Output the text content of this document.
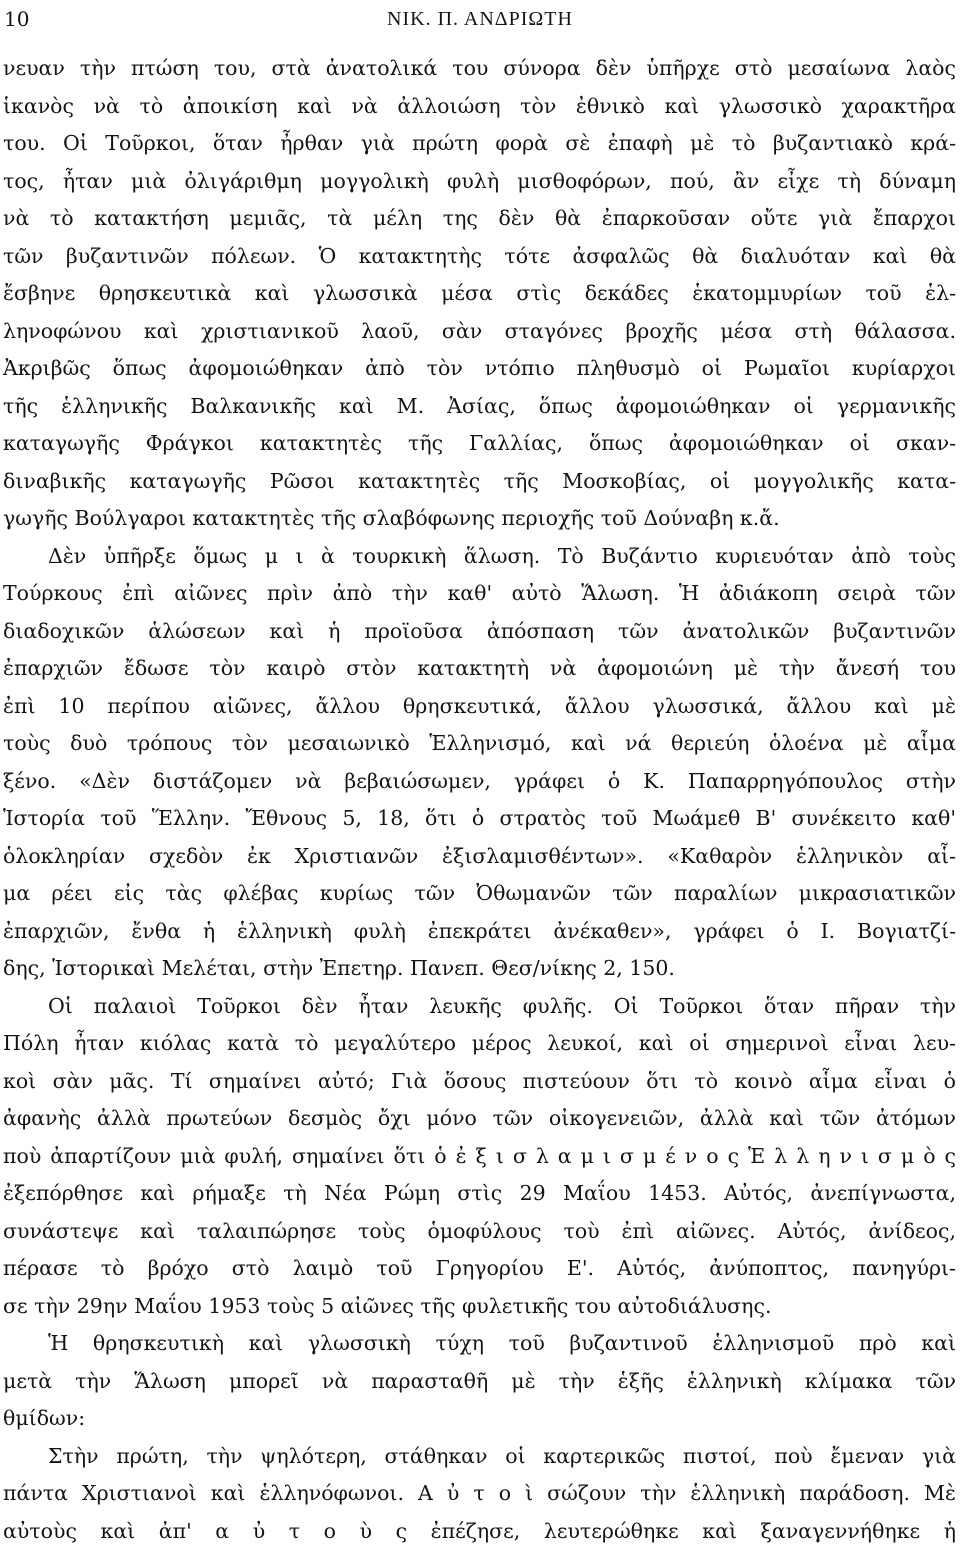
10	ΝΙΚ. Π. ΑΝΔΡΙΩΤΗ
νευαν τὴν πτώση του, στὰ ἀνατολικά του σύνορα δὲν ὑπῆρχε στὸ μεσαίωνα λαὸς
ἱκανὸς νὰ τὸ ἀποικίση καὶ νὰ ἀλλοιώση τὸν ἐθνικὸ καὶ γλωσσικὸ χαρακτῆρα
του. Οἱ Τοῦρκοι, ὅταν ἦρθαν γιὰ πρώτη φορὰ σὲ ἐπαφὴ μὲ τὸ βυζαντιακὸ κρά-
τος, ἦταν μιὰ ὀλιγάριθμη μογγολικὴ φυλὴ μισθοφόρων, πού, ἂν εἶχε τὴ δύναμη
νὰ τὸ κατακτήση μεμιᾶς, τὰ μέλη της δὲν θὰ ἐπαρκοῦσαν οὔτε γιὰ ἔπαρχοι
τῶν βυζαντινῶν πόλεων. Ὁ κατακτητὴς τότε ἀσφαλῶς θὰ διαλυόταν καὶ θὰ
ἔσβηνε θρησκευτικὰ καὶ γλωσσικὰ μέσα στὶς δεκάδες ἑκατομμυρίων τοῦ ἑλ-
ληνοφώνου καὶ χριστιανικοῦ λαοῦ, σὰν σταγόνες βροχῆς μέσα στὴ θάλασσα.
Ἀκριβῶς ὅπως ἀφομοιώθηκαν ἀπὸ τὸν ντόπιο πληθυσμὸ οἱ Ρωμαῖοι κυρίαρχοι
τῆς ἑλληνικῆς Βαλκανικῆς καὶ Μ. Ἀσίας, ὅπως ἀφομοιώθηκαν οἱ γερμανικῆς
καταγωγῆς Φράγκοι κατακτητὲς τῆς Γαλλίας, ὅπως ἀφομοιώθηκαν οἱ σκαν-
διναβικῆς καταγωγῆς Ρῶσοι κατακτητὲς τῆς Μοσκοβίας, οἱ μογγολικῆς κατα-
γωγῆς Βούλγαροι κατακτητὲς τῆς σλαβόφωνης περιοχῆς τοῦ Δούναβη κ.ἄ.
Δὲν ὑπῆρξε ὅμως μ ι ὰ τουρκικὴ ἅλωση. Τὸ Βυζάντιο κυριευόταν ἀπὸ τοὺς
Τούρκους ἐπὶ αἰῶνες πρὶν ἀπὸ τὴν καθ' αὐτὸ Ἅλωση. Ἡ ἀδιάκοπη σειρὰ τῶν
διαδοχικῶν ἁλώσεων καὶ ἡ προϊοῦσα ἀπόσπαση τῶν ἀνατολικῶν βυζαντινῶν
ἐπαρχιῶν ἔδωσε τὸν καιρὸ στὸν κατακτητὴ νὰ ἀφομοιώνη μὲ τὴν ἄνεσή του
ἐπὶ 10 περίπου αἰῶνες, ἄλλου θρησκευτικά, ἄλλου γλωσσικά, ἄλλου καὶ μὲ
τοὺς δυὸ τρόπους τὸν μεσαιωνικὸ Ἑλληνισμό, καὶ νά θεριεύη ὁλοένα μὲ αἷμα
ξένο. «Δὲν διστάζομεν νὰ βεβαιώσωμεν, γράφει ὁ Κ. Παπαρρηγόπουλος στὴν
Ἱστορία τοῦ Ἕλλην. Ἔθνους 5, 18, ὅτι ὁ στρατὸς τοῦ Μωάμεθ Β' συνέκειτο καθ'
ὁλοκληρίαν σχεδὸν ἐκ Χριστιανῶν ἐξισλαμισθέντων». «Καθαρὸν ἑλληνικὸν αἷ-
μα ρέει εἰς τὰς φλέβας κυρίως τῶν Ὀθωμανῶν τῶν παραλίων μικρασιατικῶν
ἐπαρχιῶν, ἔνθα ἡ ἑλληνικὴ φυλὴ ἐπεκράτει ἀνέκαθεν», γράφει ὁ Ι. Βογιατζί-
δης, Ἱστορικαὶ Μελέται, στὴν Ἐπετηρ. Πανεπ. Θεσ/νίκης 2, 150.
Οἱ παλαιοὶ Τοῦρκοι δὲν ἦταν λευκῆς φυλῆς. Οἱ Τοῦρκοι ὅταν πῆραν τὴν
Πόλη ἦταν κιόλας κατὰ τὸ μεγαλύτερο μέρος λευκοί, καὶ οἱ σημερινοὶ εἶναι λευ-
κοὶ σὰν μᾶς. Τί σημαίνει αὐτό; Γιὰ ὅσους πιστεύουν ὅτι τὸ κοινὸ αἷμα εἶναι ὁ
ἀφανὴς ἀλλὰ πρωτεύων δεσμὸς ὄχι μόνο τῶν οἰκογενειῶν, ἀλλὰ καὶ τῶν ἀτόμων
ποὺ ἀπαρτίζουν μιὰ φυλή, σημαίνει ὅτι ὁ ἐ ξ ι σ λ α μ ι σ μ έ ν ο ς Ἑ λ λ η ν ι σ μ ὸ ς
ἐξεπόρθησε καὶ ρήμαξε τὴ Νέα Ρώμη στὶς 29 Μαΐου 1453. Αὐτός, ἀνεπίγνωστα,
συνάστεψε καὶ ταλαιπώρησε τοὺς ὁμοφύλους τοὺ ἐπὶ αἰῶνες. Αὐτός, ἀνίδεος,
πέρασε τὸ βρόχο στὸ λαιμὸ τοῦ Γρηγορίου Ε'. Αὐτός, ἀνύποπτος, πανηγύρι-
σε τὴν 29ην Μαΐου 1953 τοὺς 5 αἰῶνες τῆς φυλετικῆς του αὐτοδιάλυσης.
Ἡ θρησκευτικὴ καὶ γλωσσικὴ τύχη τοῦ βυζαντινοῦ ἑλληνισμοῦ πρὸ καὶ
μετὰ τὴν Ἅλωση μπορεῖ νὰ παρασταθῆ μὲ τὴν ἑξῆς ἑλληνικὴ κλίμακα τῶν
θμίδων:
Στὴν πρώτη, τὴν ψηλότερη, στάθηκαν οἱ καρτερικῶς πιστοί, ποὺ ἔμεναν γιὰ
πάντα Χριστιανοὶ καὶ ἑλληνόφωνοι. Α ὐ τ ο ὶ σώζουν τὴν ἑλληνικὴ παράδοση. Μὲ
αὐτοὺς καὶ ἀπ' α ὐ τ ο ὺ ς ἐπέζησε, λευτερώθηκε καὶ ξαναγεννήθηκε ἡ
